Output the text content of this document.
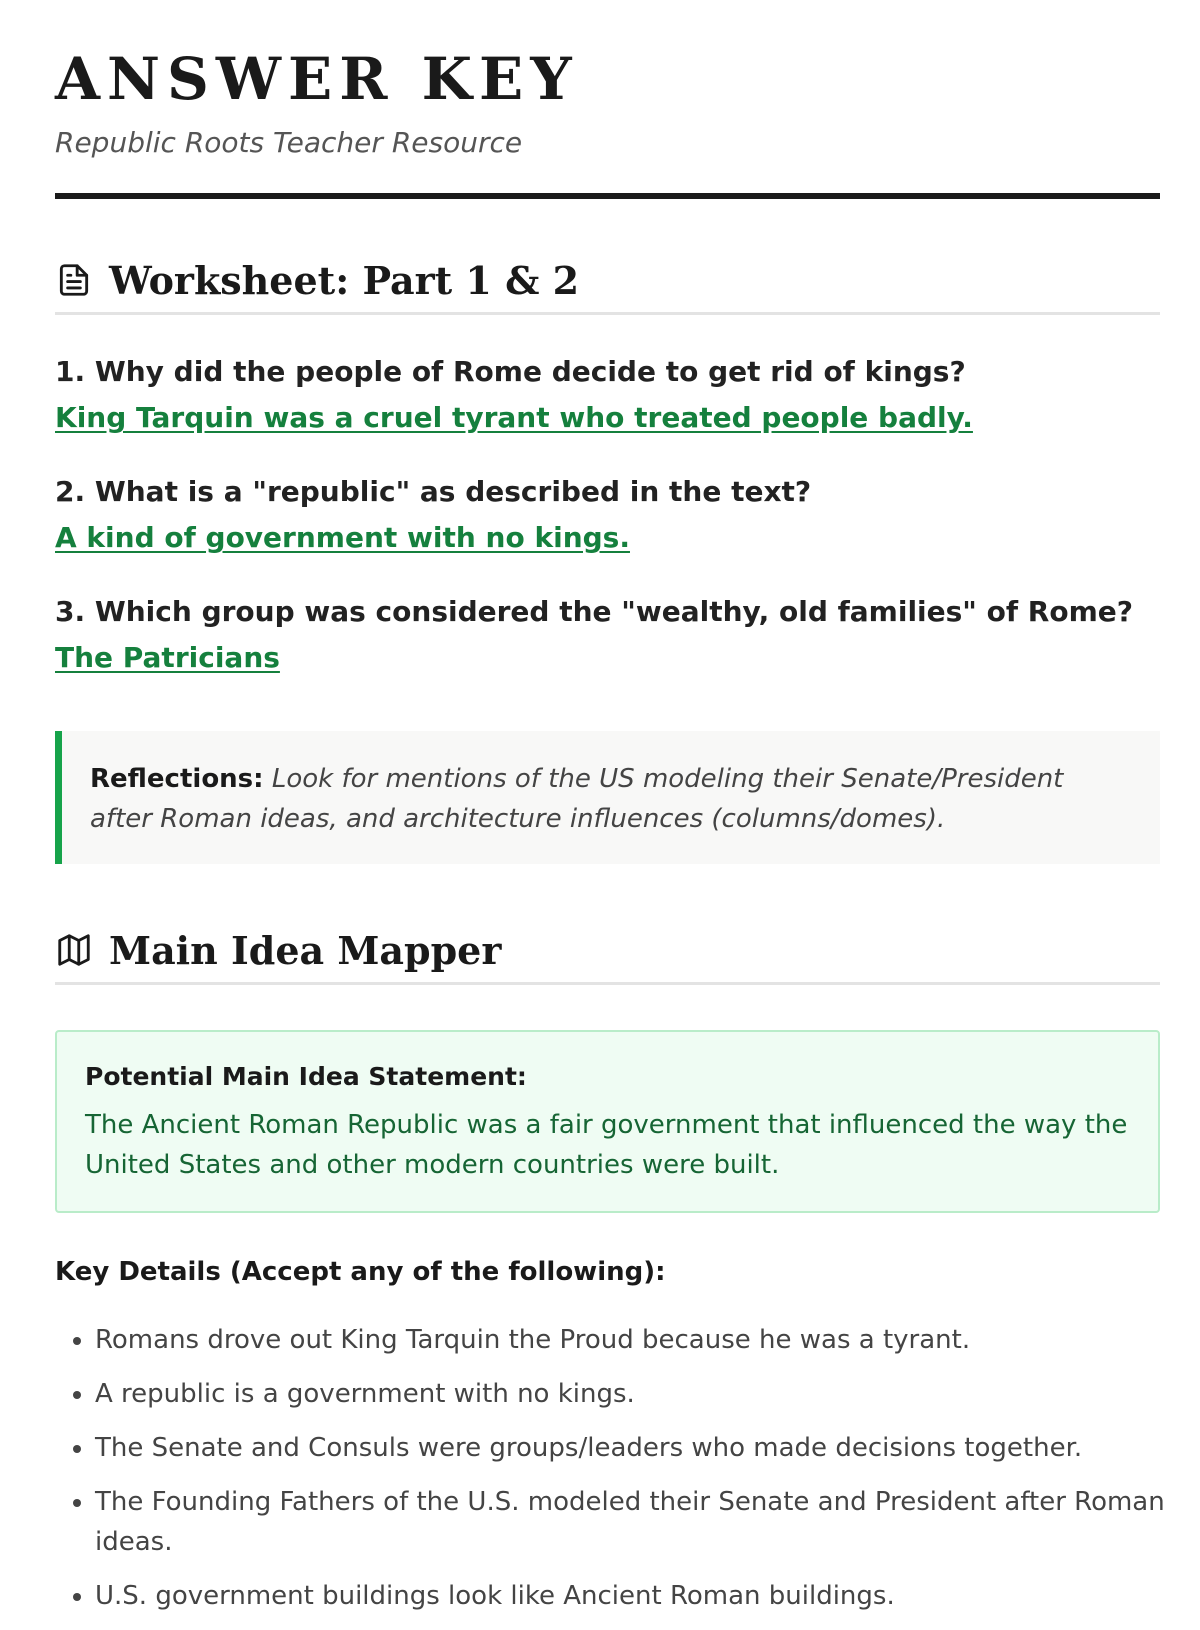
ANSWER KEY
Republic Roots Teacher Resource
Worksheet: Part 1 & 2
1. Why did the people of Rome decide to get rid of kings?
King Tarquin was a cruel tyrant who treated people badly.
2. What is a "republic" as described in the text?
A kind of government with no kings.
3. Which group was considered the "wealthy, old families" of Rome?
The Patricians
Reflections: Look for mentions of the US modeling their Senate/President after Roman ideas, and architecture influences (columns/domes).
Main Idea Mapper
Potential Main Idea Statement:
The Ancient Roman Republic was a fair government that influenced the way the United States and other modern countries were built.
Key Details (Accept any of the following):
• Romans drove out King Tarquin the Proud because he was a tyrant.
• A republic is a government with no kings.
• The Senate and Consuls were groups/leaders who made decisions together.
• The Founding Fathers of the U.S. modeled their Senate and President after Roman ideas.
• U.S. government buildings look like Ancient Roman buildings.
